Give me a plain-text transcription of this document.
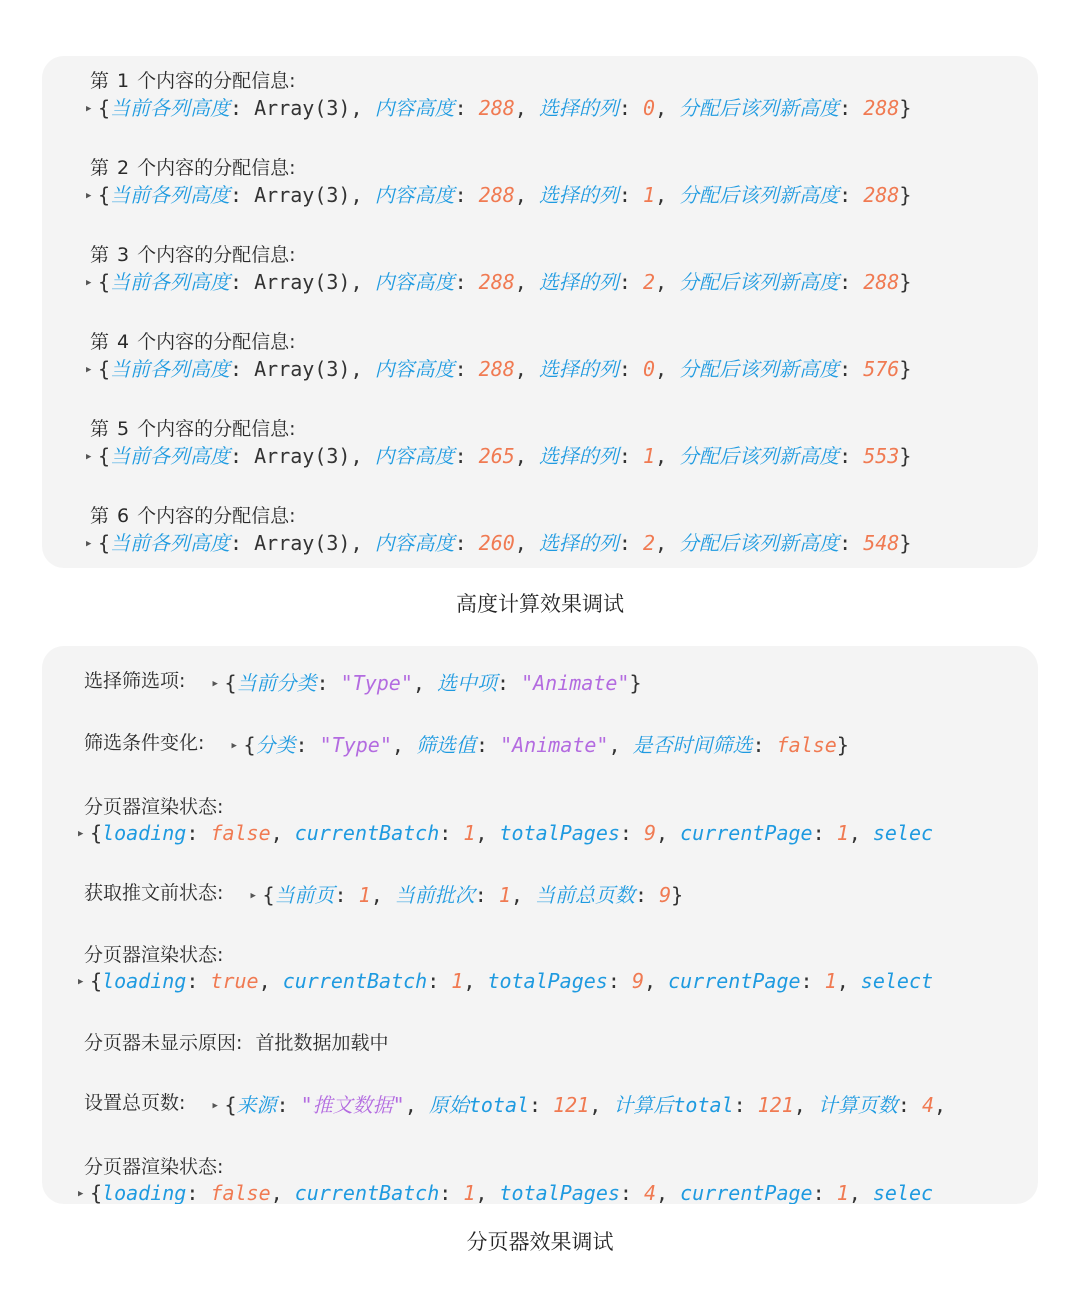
第 1 个内容的分配信息:
▶ {当前各列高度: Array(3), 内容高度: 288, 选择的列: 0, 分配后该列新高度: 288}
第 2 个内容的分配信息:
▶ {当前各列高度: Array(3), 内容高度: 288, 选择的列: 1, 分配后该列新高度: 288}
第 3 个内容的分配信息:
▶ {当前各列高度: Array(3), 内容高度: 288, 选择的列: 2, 分配后该列新高度: 288}
第 4 个内容的分配信息:
▶ {当前各列高度: Array(3), 内容高度: 288, 选择的列: 0, 分配后该列新高度: 576}
第 5 个内容的分配信息:
▶ {当前各列高度: Array(3), 内容高度: 265, 选择的列: 1, 分配后该列新高度: 553}
第 6 个内容的分配信息:
▶ {当前各列高度: Array(3), 内容高度: 260, 选择的列: 2, 分配后该列新高度: 548}
高度计算效果调试
选择筛选项:	▶ {当前分类: "Type", 选中项: "Animate"}
筛选条件变化:	▶ {分类: "Type", 筛选值: "Animate", 是否时间筛选: false}
分页器渲染状态:
▶ {loading: false, currentBatch: 1, totalPages: 9, currentPage: 1, selec
获取推文前状态:	▶ {当前页: 1, 当前批次: 1, 当前总页数: 9}
分页器渲染状态:
▶ {loading: true, currentBatch: 1, totalPages: 9, currentPage: 1, select
分页器未显示原因: 首批数据加载中
设置总页数:	▶ {来源: "推文数据", 原始total: 121, 计算后total: 121, 计算页数: 4,
分页器渲染状态:
▶ {loading: false, currentBatch: 1, totalPages: 4, currentPage: 1, selec
分页器效果调试
